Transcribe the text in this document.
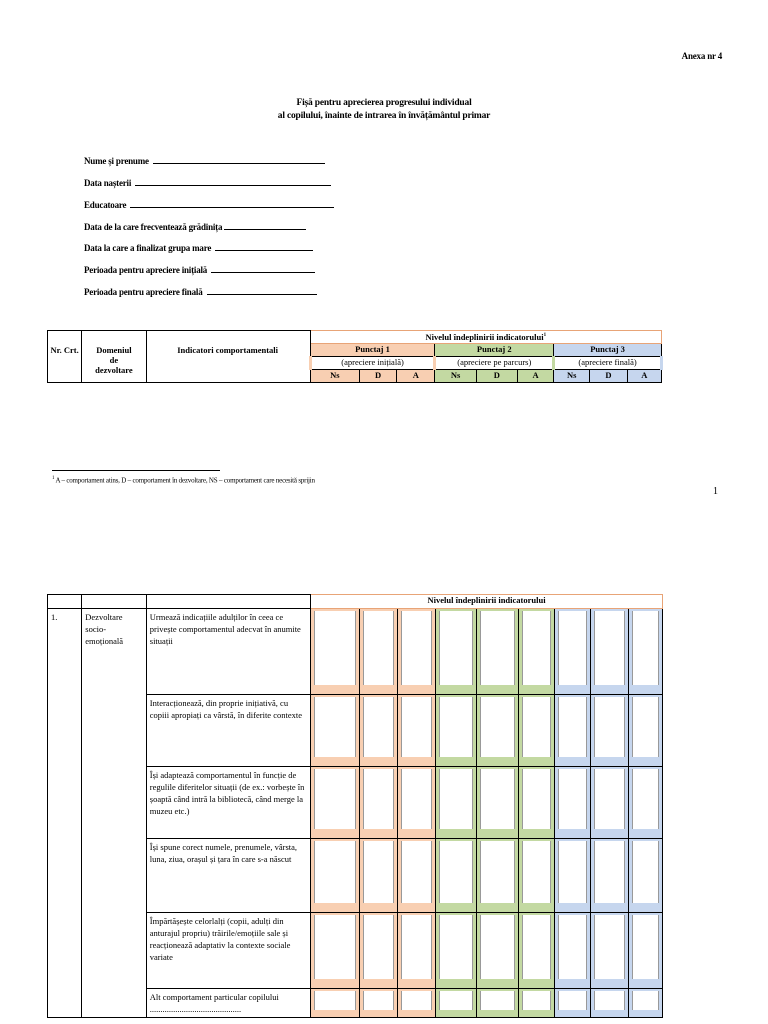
Anexa nr 4
Fișă pentru aprecierea progresului individual
al copilului, înainte de intrarea în învățământul primar
Nume și prenume
Data nașterii
Educatoare
Data de la care frecventează grădinița
Data la care a finalizat grupa mare
Perioada pentru apreciere inițială
Perioada pentru apreciere finală
Nr. Crt.	Domeniul
de
dezvoltare	Indicatori comportamentali	Nivelul îndeplinirii indicatorului$^1$
			Punctaj 1			Punctaj 2			Punctaj 3		
			(apreciere inițială)			(apreciere pe parcurs)			(apreciere finală)		
			Ns	D	A	Ns	D	A	Ns	D	A
$^1$ A – comportament atins, D – comportament în dezvoltare, NS – comportament care necesită sprijin
1
			Nivelul îndeplinirii indicatorului								
1.	Dezvoltare socio-emoțională	Urmează indicațiile adulților în ceea ce privește comportamentul adecvat în anumite situații	

		Interacționează, din proprie inițiativă, cu copiii apropiați ca vârstă, în diferite contexte	

		Își adaptează comportamentul în funcție de regulile diferitelor situații (de ex.: vorbește în șoaptă când intră la bibliotecă, când merge la muzeu etc.)	

		Își spune corect numele, prenumele, vârsta, luna, ziua, orașul și țara în care s-a născut	

		Împărtășește celorlalți (copii, adulți din anturajul propriu) trăirile/emoțiile sale și reacționează adaptativ la contexte sociale variate	

		Alt comportament particular copilului ...........................................	
